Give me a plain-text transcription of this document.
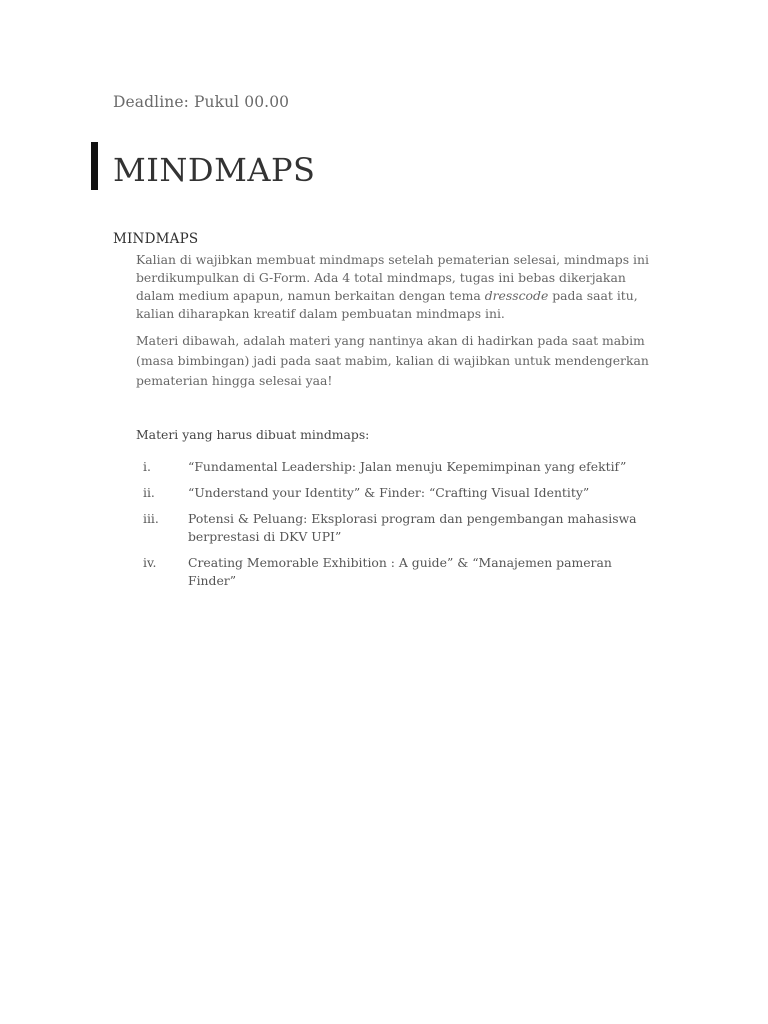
Deadline: Pukul 00.00
MINDMAPS
MINDMAPS
Kalian di wajibkan membuat mindmaps setelah pematerian selesai, mindmaps ini berdikumpulkan di G-Form. Ada 4 total mindmaps, tugas ini bebas dikerjakan dalam medium apapun, namun berkaitan dengan tema dresscode pada saat itu, kalian diharapkan kreatif dalam pembuatan mindmaps ini.
Materi dibawah, adalah materi yang nantinya akan di hadirkan pada saat mabim (masa bimbingan) jadi pada saat mabim, kalian di wajibkan untuk mendengerkan pematerian hingga selesai yaa!
Materi yang harus dibuat mindmaps:
i.	“Fundamental Leadership: Jalan menuju Kepemimpinan yang efektif”
ii.	“Understand your Identity” & Finder: “Crafting Visual Identity”
iii. Potensi & Peluang: Eksplorasi program dan pengembangan mahasiswa berprestasi di DKV UPI”
iv.	Creating Memorable Exhibition : A guide” & “Manajemen pameran Finder”
